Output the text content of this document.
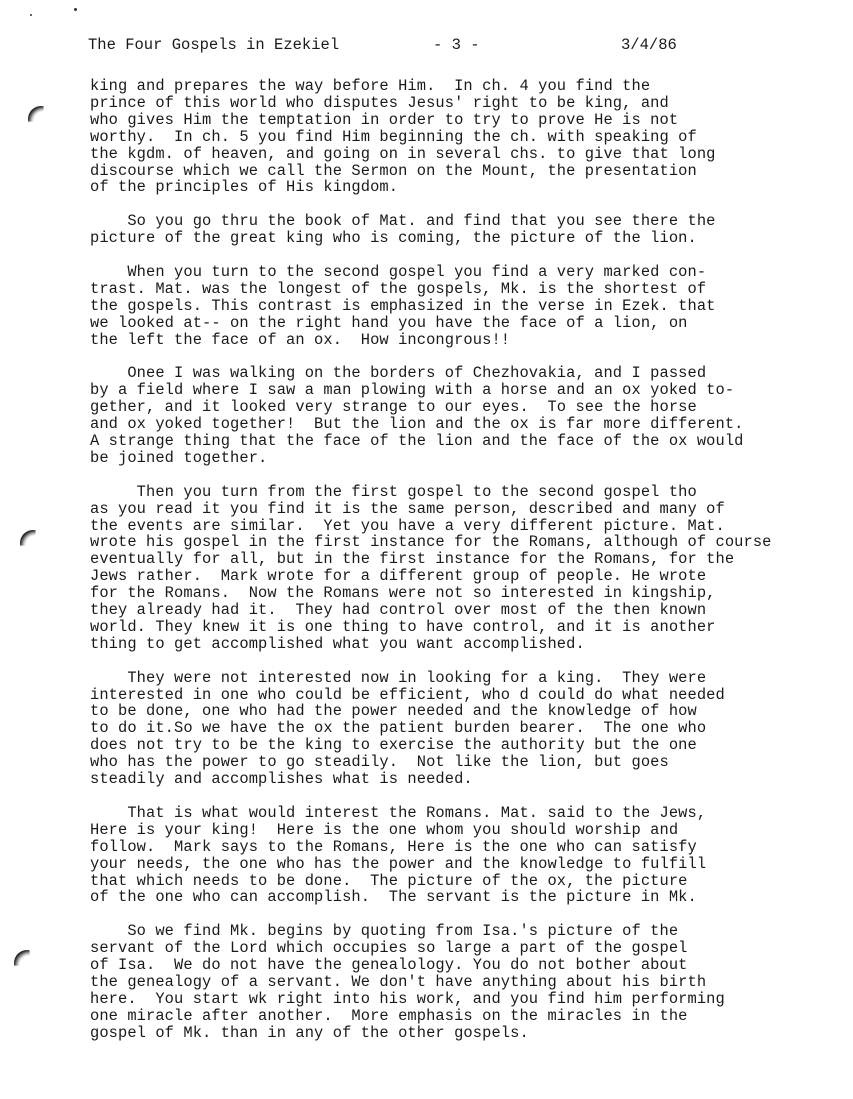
The Four Gospels in Ezekiel	- 3 -	3/4/86

king and prepares the way before Him.  In ch. 4 you find the
prince of this world who disputes Jesus' right to be king, and
who gives Him the temptation in order to try to prove He is not
worthy.  In ch. 5 you find Him beginning the ch. with speaking of
the kgdm. of heaven, and going on in several chs. to give that long
discourse which we call the Sermon on the Mount, the presentation
of the principles of His kingdom.

So you go thru the book of Mat. and find that you see there the
picture of the great king who is coming, the picture of the lion.

When you turn to the second gospel you find a very marked con-
trast. Mat. was the longest of the gospels, Mk. is the shortest of
the gospels. This contrast is emphasized in the verse in Ezek. that
we looked at-- on the right hand you have the face of a lion, on
the left the face of an ox.  How incongrous!!

Onee I was walking on the borders of Chezhovakia, and I passed
by a field where I saw a man plowing with a horse and an ox yoked to-
gether, and it looked very strange to our eyes.  To see the horse
and ox yoked together!  But the lion and the ox is far more different.
A strange thing that the face of the lion and the face of the ox would
be joined together.

Then you turn from the first gospel to the second gospel tho
as you read it you find it is the same person, described and many of
the events are similar.  Yet you have a very different picture. Mat.
wrote his gospel in the first instance for the Romans, although of course
eventually for all, but in the first instance for the Romans, for the
Jews rather.  Mark wrote for a different group of people. He wrote
for the Romans.  Now the Romans were not so interested in kingship,
they already had it.  They had control over most of the then known
world. They knew it is one thing to have control, and it is another
thing to get accomplished what you want accomplished.

They were not interested now in looking for a king.  They were
interested in one who could be efficient, who d could do what needed
to be done, one who had the power needed and the knowledge of how
to do it.So we have the ox the patient burden bearer.  The one who
does not try to be the king to exercise the authority but the one
who has the power to go steadily.  Not like the lion, but goes
steadily and accomplishes what is needed.

That is what would interest the Romans. Mat. said to the Jews,
Here is your king!  Here is the one whom you should worship and
follow.  Mark says to the Romans, Here is the one who can satisfy
your needs, the one who has the power and the knowledge to fulfill
that which needs to be done.  The picture of the ox, the picture
of the one who can accomplish.  The servant is the picture in Mk.

So we find Mk. begins by quoting from Isa.'s picture of the
servant of the Lord which occupies so large a part of the gospel
of Isa.  We do not have the genealology. You do not bother about
the genealogy of a servant. We don't have anything about his birth
here.  You start wk right into his work, and you find him performing
one miracle after another.  More emphasis on the miracles in the
gospel of Mk. than in any of the other gospels.
